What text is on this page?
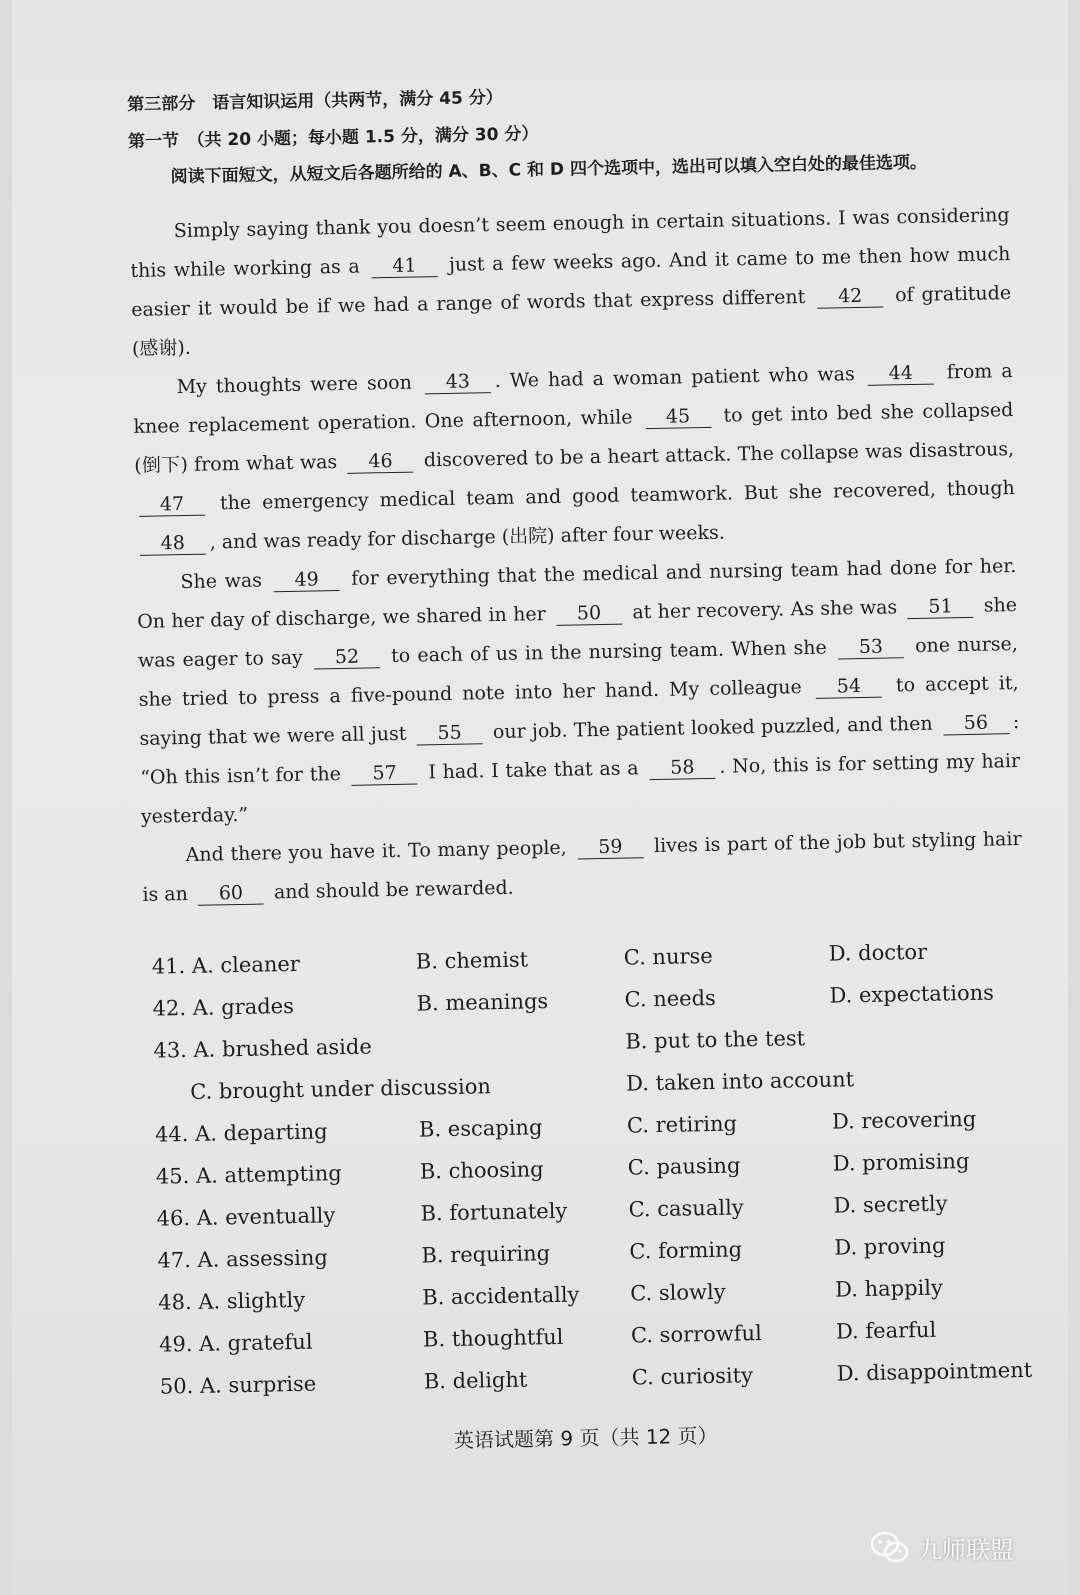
第三部分　语言知识运用（共两节，满分 45 分）
第一节　（共 20 小题；每小题 1.5 分，满分 30 分）
阅读下面短文，从短文后各题所给的 A、B、C 和 D 四个选项中，选出可以填入空白处的最佳选项。

Simply saying thank you doesn’t seem enough in certain situations. I was considering this while working as a 41 just a few weeks ago. And it came to me then how much easier it would be if we had a range of words that express different 42 of gratitude (感谢).

My thoughts were soon 43 . We had a woman patient who was 44 from a knee replacement operation. One afternoon, while 45 to get into bed she collapsed (倒下) from what was 46 discovered to be a heart attack. The collapse was disastrous, 47 the emergency medical team and good teamwork. But she recovered, though 48 , and was ready for discharge (出院) after four weeks.

She was 49 for everything that the medical and nursing team had done for her. On her day of discharge, we shared in her 50 at her recovery. As she was 51 she was eager to say 52 to each of us in the nursing team. When she 53 one nurse, she tried to press a five-pound note into her hand. My colleague 54 to accept it, saying that we were all just 55 our job. The patient looked puzzled, and then 56 : “Oh this isn’t for the 57 I had. I take that as a 58 . No, this is for setting my hair yesterday.”

And there you have it. To many people, 59 lives is part of the job but styling hair is an 60 and should be rewarded.

41. A. cleaner	B. chemist	C. nurse	D. doctor
42. A. grades	B. meanings	C. needs	D. expectations
43. A. brushed aside	B. put to the test
C. brought under discussion	D. taken into account
44. A. departing	B. escaping	C. retiring	D. recovering
45. A. attempting	B. choosing	C. pausing	D. promising
46. A. eventually	B. fortunately	C. casually	D. secretly
47. A. assessing	B. requiring	C. forming	D. proving
48. A. slightly	B. accidentally C. slowly	D. happily
49. A. grateful	B. thoughtful	C. sorrowful	D. fearful
50. A. surprise	B. delight	C. curiosity	D. disappointment
英语试题第 9 页（共 12 页）
九师联盟
